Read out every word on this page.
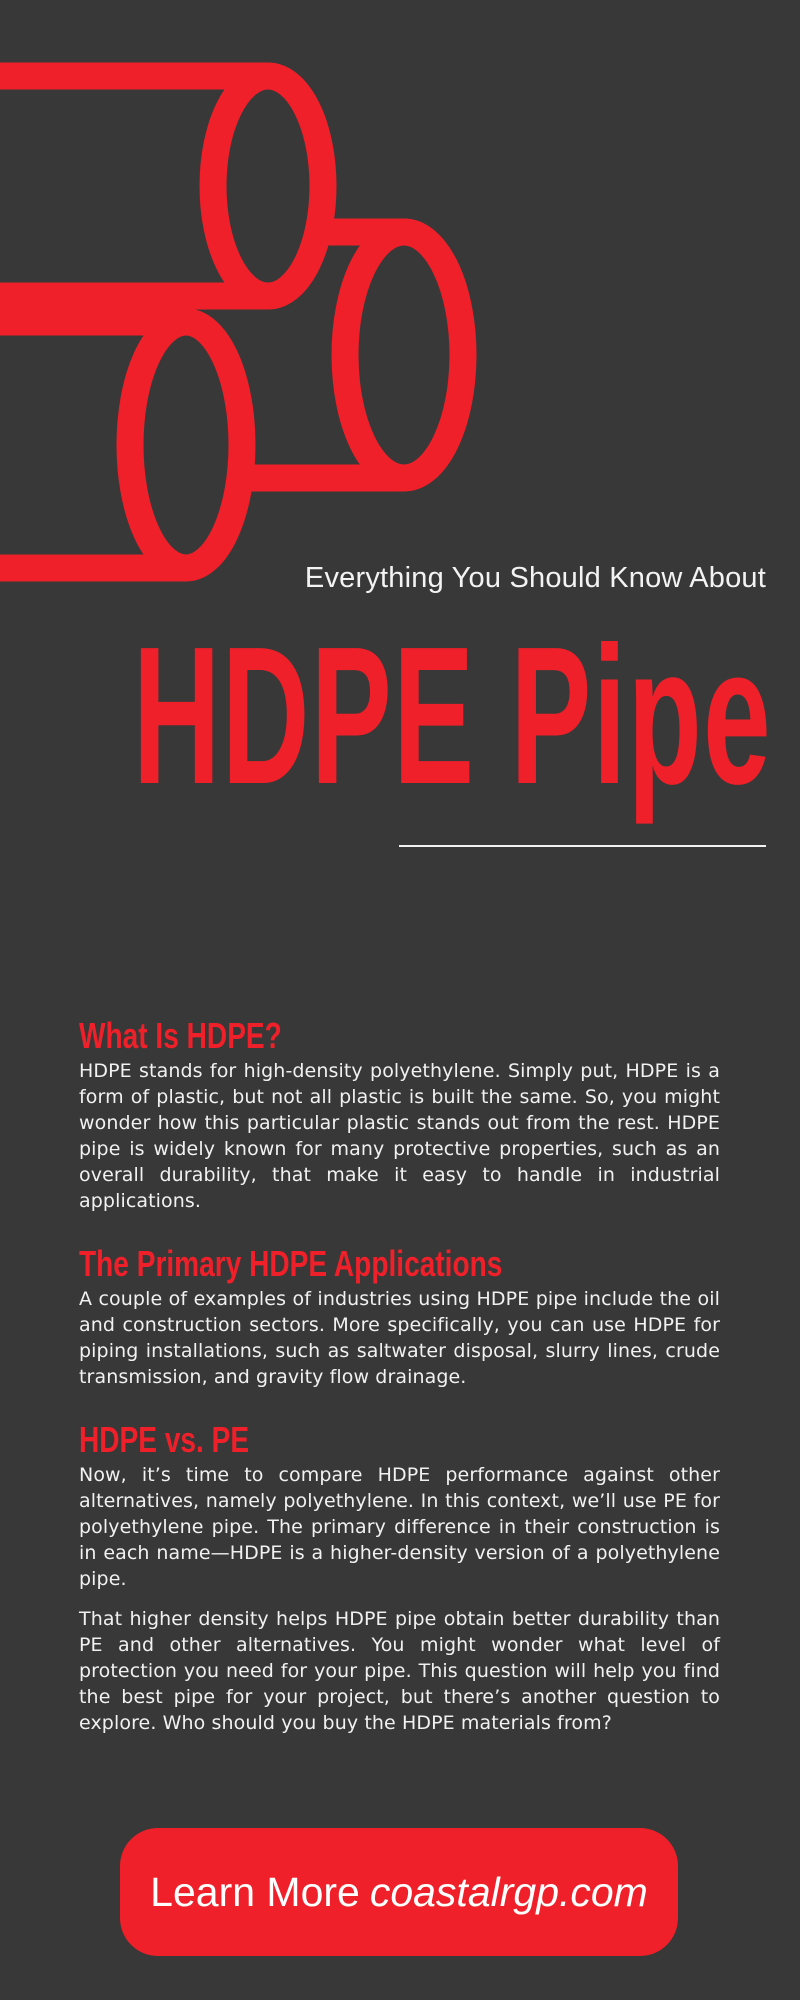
Everything You Should Know About
HDPE Pipe
What Is HDPE?

HDPE stands for high-density polyethylene. Simply put, HDPE is a form of plastic, but not all plastic is built the same. So, you might wonder how this particular plastic stands out from the rest. HDPE pipe is widely known for many protective properties, such as an overall durability, that make it easy to handle in industrial applications.

The Primary HDPE Applications

A couple of examples of industries using HDPE pipe include the oil and construction sectors. More specifically, you can use HDPE for piping installations, such as saltwater disposal, slurry lines, crude transmission, and gravity flow drainage.

HDPE vs. PE

Now, it’s time to compare HDPE performance against other alternatives, namely polyethylene. In this context, we’ll use PE for polyethylene pipe. The primary difference in their construction is in each name—HDPE is a higher-density version of a polyethylene pipe.

That higher density helps HDPE pipe obtain better durability than PE and other alternatives. You might wonder what level of protection you need for your pipe. This question will help you find the best pipe for your project, but there’s another question to explore. Who should you buy the HDPE materials from?

Learn More coastalrgp.com
